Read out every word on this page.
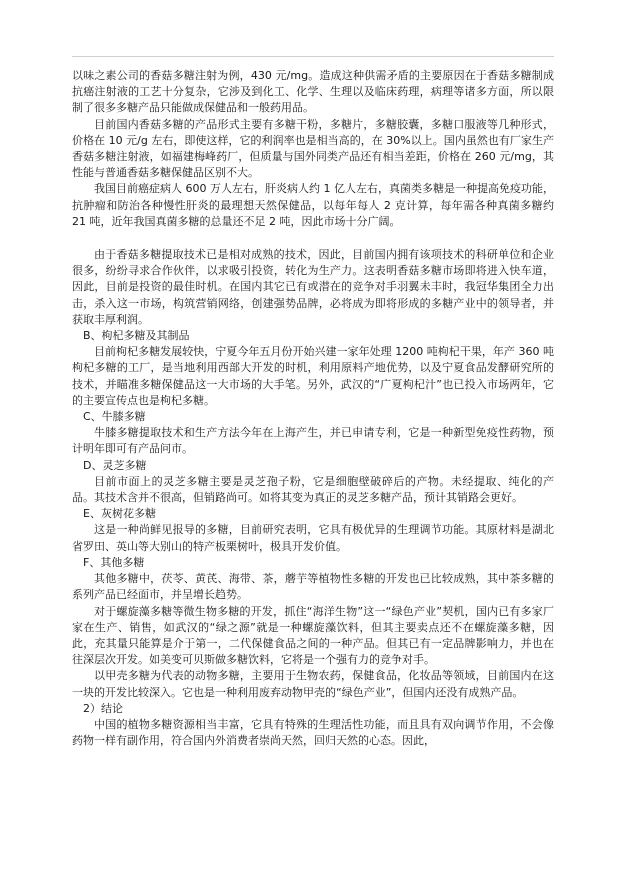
以味之素公司的香菇多糖注射为例，430 元/mg。造成这种供需矛盾的主要原因在于香菇多糖制成抗癌注射液的工艺十分复杂，它涉及到化工、化学、生理以及临床药理，病理等诸多方面，所以限制了很多多糖产品只能做成保健品和一般药用品。

目前国内香菇多糖的产品形式主要有多糖干粉，多糖片，多糖胶囊，多糖口服液等几种形式，价格在 10 元/g 左右，即使这样，它的利润率也是相当高的，在 30%以上。国内虽然也有厂家生产香菇多糖注射液，如福建梅峰药厂，但质量与国外同类产品还有相当差距，价格在 260 元/mg，其性能与普通香菇多糖保健品区别不大。

我国目前癌症病人 600 万人左右，肝炎病人约 1 亿人左右，真菌类多糖是一种提高免疫功能，抗肿瘤和防治各种慢性肝炎的最理想天然保健品，以每年每人 2 克计算，每年需各种真菌多糖约 21 吨，近年我国真菌多糖的总量还不足 2 吨，因此市场十分广阔。

由于香菇多糖提取技术已是相对成熟的技术，因此，目前国内拥有该项技术的科研单位和企业很多，纷纷寻求合作伙伴，以求吸引投资，转化为生产力。这表明香菇多糖市场即将进入快车道，因此，目前是投资的最佳时机。在国内其它已有或潜在的竞争对手羽翼未丰时，我冠华集团全力出击，杀入这一市场，构筑营销网络，创建强势品牌，必将成为即将形成的多糖产业中的领导者，并获取丰厚利润。

B、枸杞多糖及其制品

目前枸杞多糖发展较快，宁夏今年五月份开始兴建一家年处理 1200 吨枸杞干果，年产 360 吨枸杞多糖的工厂，是当地利用西部大开发的时机，利用原料产地优势，以及宁夏食品发酵研究所的技术，并瞄准多糖保健品这一大市场的大手笔。另外，武汉的“广夏枸杞汁”也已投入市场两年，它的主要宣传点也是枸杞多糖。

C、牛膝多糖

牛膝多糖提取技术和生产方法今年在上海产生，并已申请专利，它是一种新型免疫性药物，预计明年即可有产品问市。

D、灵芝多糖

目前市面上的灵芝多糖主要是灵芝孢子粉，它是细胞壁破碎后的产物。未经提取、纯化的产品。其技术含并不很高，但销路尚可。如将其变为真正的灵芝多糖产品，预计其销路会更好。

E、灰树花多糖

这是一种尚鲜见报导的多糖，目前研究表明，它具有极优异的生理调节功能。其原材料是湖北省罗田、英山等大别山的特产板栗树叶，极具开发价值。

F、其他多糖

其他多糖中，茯苓、黄芪、海带、茶，蘑芋等植物性多糖的开发也已比较成熟，其中茶多糖的系列产品已经面市，并呈增长趋势。

对于螺旋藻多糖等微生物多糖的开发，抓住“海洋生物”这一“绿色产业”契机，国内已有多家厂家在生产、销售，如武汉的“绿之源”就是一种螺旋藻饮料，但其主要卖点还不在螺旋藻多糖，因此，充其量只能算是介于第一，二代保健食品之间的一种产品。但其已有一定品牌影响力，并也在往深层次开发。如美变可贝斯做多糖饮料，它将是一个强有力的竞争对手。

以甲壳多糖为代表的动物多糖，主要用于生物农药，保健食品，化妆品等领域，目前国内在这一块的开发比较深入。它也是一种利用废弃动物甲壳的“绿色产业”，但国内还没有成熟产品。

2）结论

中国的植物多糖资源相当丰富，它具有特殊的生理活性功能，而且具有双向调节作用，不会像药物一样有副作用，符合国内外消费者崇尚天然，回归天然的心态。因此，
